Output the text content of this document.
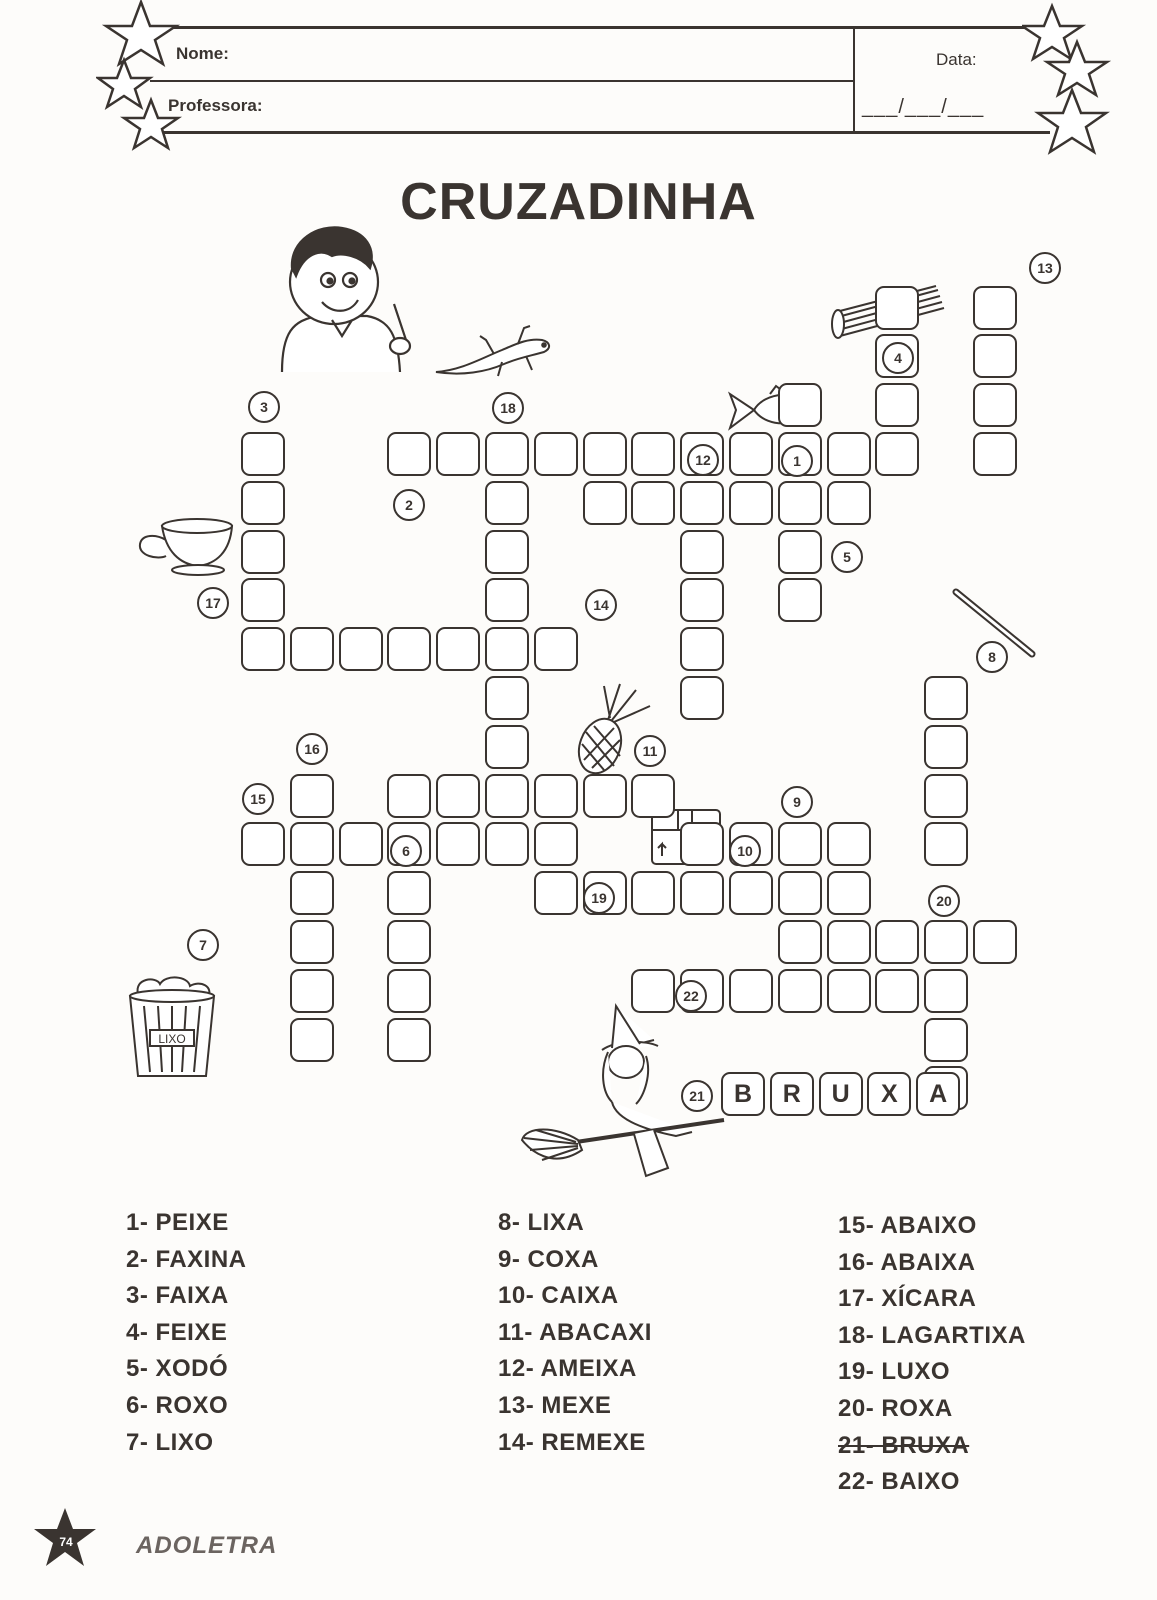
Nome:
Professora:
Data:
___/___/___
CRUZADINHA
LIXO
B	R	U	X	A
1
2
3
4
5
6
7
8
9
10
11
12
13
14
15
16
17
18
19	20
21
22
1- PEIXE
2- FAXINA
3- FAIXA
4- FEIXE
5- XODÓ
6- ROXO
7- LIXO
8- LIXA
9- COXA
10- CAIXA
11- ABACAXI
12- AMEIXA
13- MEXE
14- REMEXE
15- ABAIXO
16- ABAIXA
17- XÍCARA
18- LAGARTIXA
19- LUXO
20- ROXA
21- BRUXA
22- BAIXO
74	ADOLETRA
